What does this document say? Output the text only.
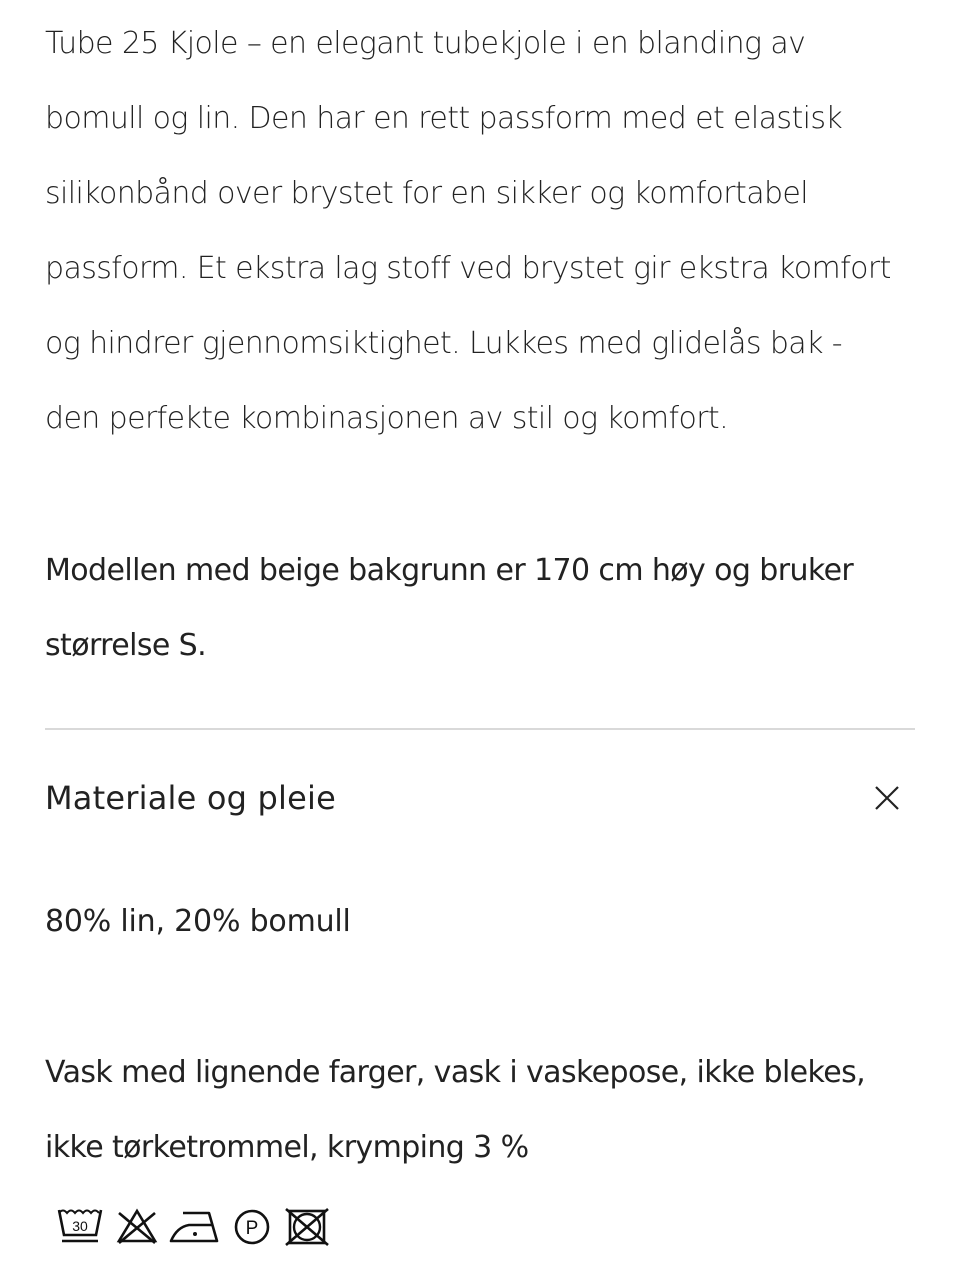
Tube 25 Kjole – en elegant tubekjole i en blanding av
bomull og lin. Den har en rett passform med et elastisk
silikonbånd over brystet for en sikker og komfortabel
passform. Et ekstra lag stoff ved brystet gir ekstra komfort
og hindrer gjennomsiktighet. Lukkes med glidelås bak -
den perfekte kombinasjonen av stil og komfort.

Modellen med beige bakgrunn er 170 cm høy og bruker
størrelse S.

Materiale og pleie
80% lin, 20% bomull
Vask med lignende farger, vask i vaskepose, ikke blekes,
ikke tørketrommel, krymping 3 %
30	P
